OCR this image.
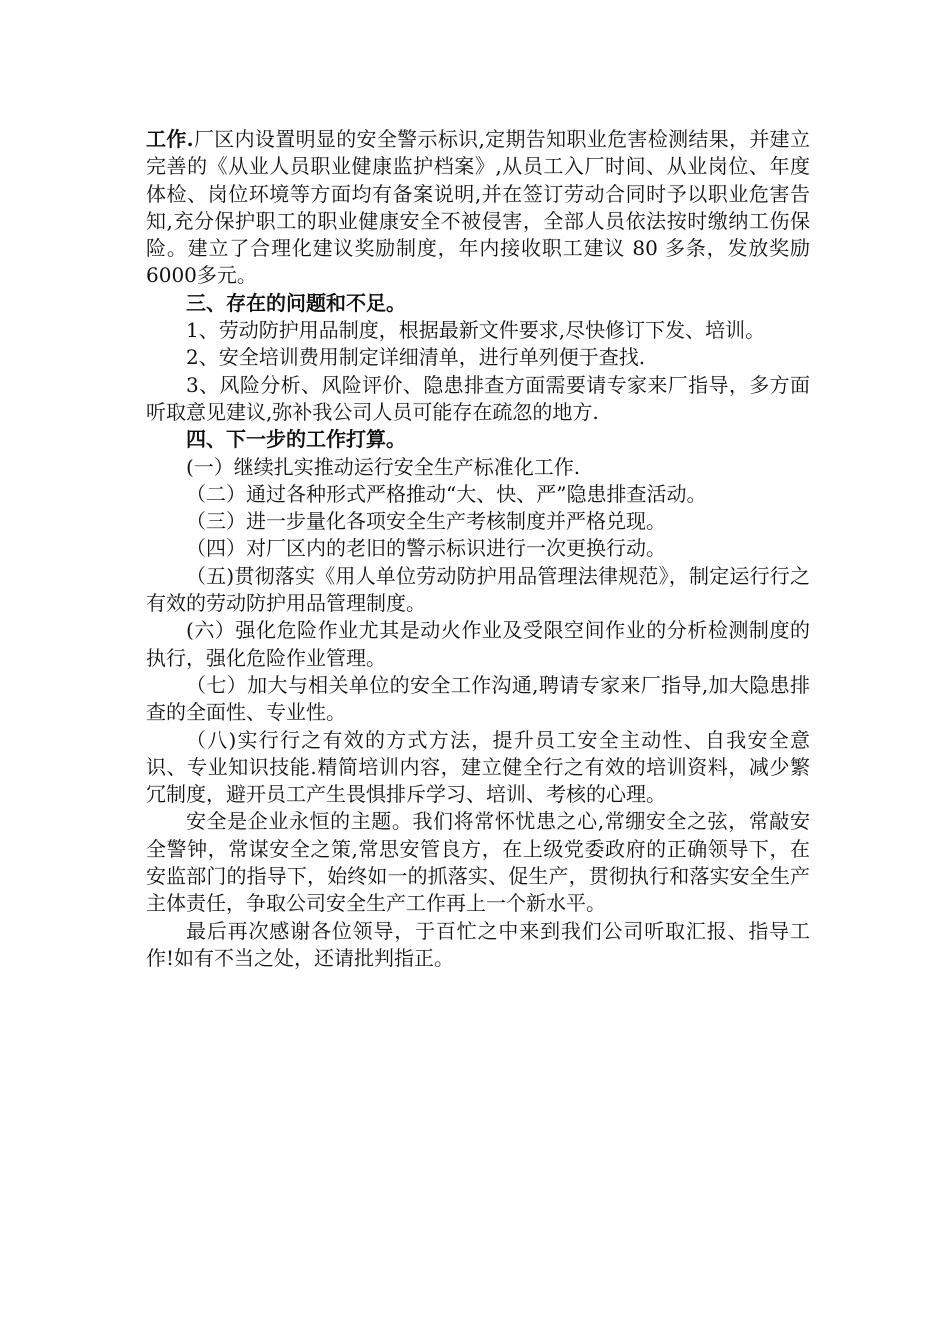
工作.厂区内设置明显的安全警示标识,定期告知职业危害检测结果，并建立完善的《从业人员职业健康监护档案》,从员工入厂时间、从业岗位、年度体检、岗位环境等方面均有备案说明,并在签订劳动合同时予以职业危害告知,充分保护职工的职业健康安全不被侵害，全部人员依法按时缴纳工伤保险。建立了合理化建议奖励制度，年内接收职工建议 80 多条，发放奖励 6000多元。

三、存在的问题和不足。

1、劳动防护用品制度，根据最新文件要求,尽快修订下发、培训。

2、安全培训费用制定详细清单，进行单列便于查找.

3、风险分析、风险评价、隐患排查方面需要请专家来厂指导，多方面听取意见建议,弥补我公司人员可能存在疏忽的地方.

四、下一步的工作打算。

(一）继续扎实推动运行安全生产标准化工作.

（二）通过各种形式严格推动“大、快、严”隐患排查活动。

（三）进一步量化各项安全生产考核制度并严格兑现。

（四）对厂区内的老旧的警示标识进行一次更换行动。

（五)贯彻落实《用人单位劳动防护用品管理法律规范》，制定运行行之有效的劳动防护用品管理制度。

(六）强化危险作业尤其是动火作业及受限空间作业的分析检测制度的执行，强化危险作业管理。

（七）加大与相关单位的安全工作沟通,聘请专家来厂指导,加大隐患排查的全面性、专业性。

（八)实行行之有效的方式方法，提升员工安全主动性、自我安全意识、专业知识技能.精简培训内容，建立健全行之有效的培训资料，减少繁冗制度，避开员工产生畏惧排斥学习、培训、考核的心理。

安全是企业永恒的主题。我们将常怀忧患之心,常绷安全之弦，常敲安全警钟，常谋安全之策,常思安管良方，在上级党委政府的正确领导下，在安监部门的指导下，始终如一的抓落实、促生产，贯彻执行和落实安全生产主体责任，争取公司安全生产工作再上一个新水平。

最后再次感谢各位领导，于百忙之中来到我们公司听取汇报、指导工作!如有不当之处，还请批判指正。
